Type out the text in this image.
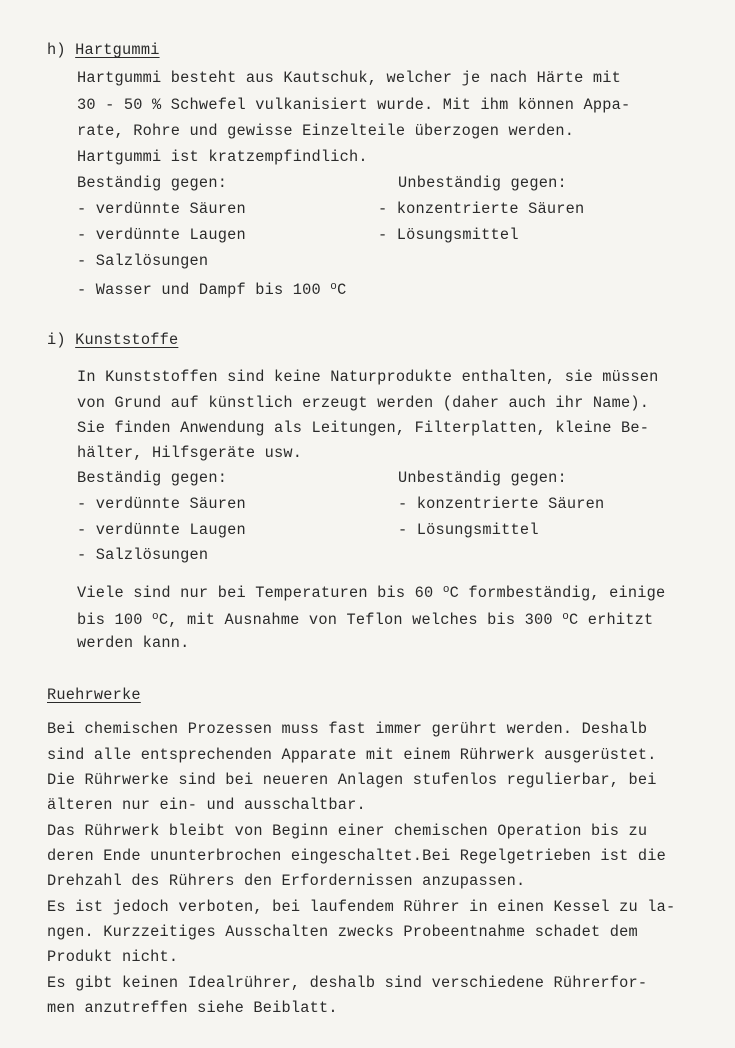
h) Hartgummi
Hartgummi besteht aus Kautschuk, welcher je nach Härte mit
30 - 50 % Schwefel vulkanisiert wurde. Mit ihm können Appa-
rate, Rohre und gewisse Einzelteile überzogen werden.
Hartgummi ist kratzempfindlich.
Beständig gegen:	Unbeständig gegen:
- verdünnte Säuren	- konzentrierte Säuren
- verdünnte Laugen	- Lösungsmittel
- Salzlösungen
- Wasser und Dampf bis 100 $^o$C
i) Kunststoffe
In Kunststoffen sind keine Naturprodukte enthalten, sie müssen
von Grund auf künstlich erzeugt werden (daher auch ihr Name).
Sie finden Anwendung als Leitungen, Filterplatten, kleine Be-
hälter, Hilfsgeräte usw.
Beständig gegen:	Unbeständig gegen:
- verdünnte Säuren	- konzentrierte Säuren
- verdünnte Laugen	- Lösungsmittel
- Salzlösungen
Viele sind nur bei Temperaturen bis 60 $^o$C formbeständig, einige
bis 100 $^o$C, mit Ausnahme von Teflon welches bis 300 $^o$C erhitzt
werden kann.
Ruehrwerke
Bei chemischen Prozessen muss fast immer gerührt werden. Deshalb
sind alle entsprechenden Apparate mit einem Rührwerk ausgerüstet.
Die Rührwerke sind bei neueren Anlagen stufenlos regulierbar, bei
älteren nur ein- und ausschaltbar.
Das Rührwerk bleibt von Beginn einer chemischen Operation bis zu
deren Ende ununterbrochen eingeschaltet.Bei Regelgetrieben ist die
Drehzahl des Rührers den Erfordernissen anzupassen.
Es ist jedoch verboten, bei laufendem Rührer in einen Kessel zu la-
ngen. Kurzzeitiges Ausschalten zwecks Probeentnahme schadet dem
Produkt nicht.
Es gibt keinen Idealrührer, deshalb sind verschiedene Rührerfor-
men anzutreffen siehe Beiblatt.
